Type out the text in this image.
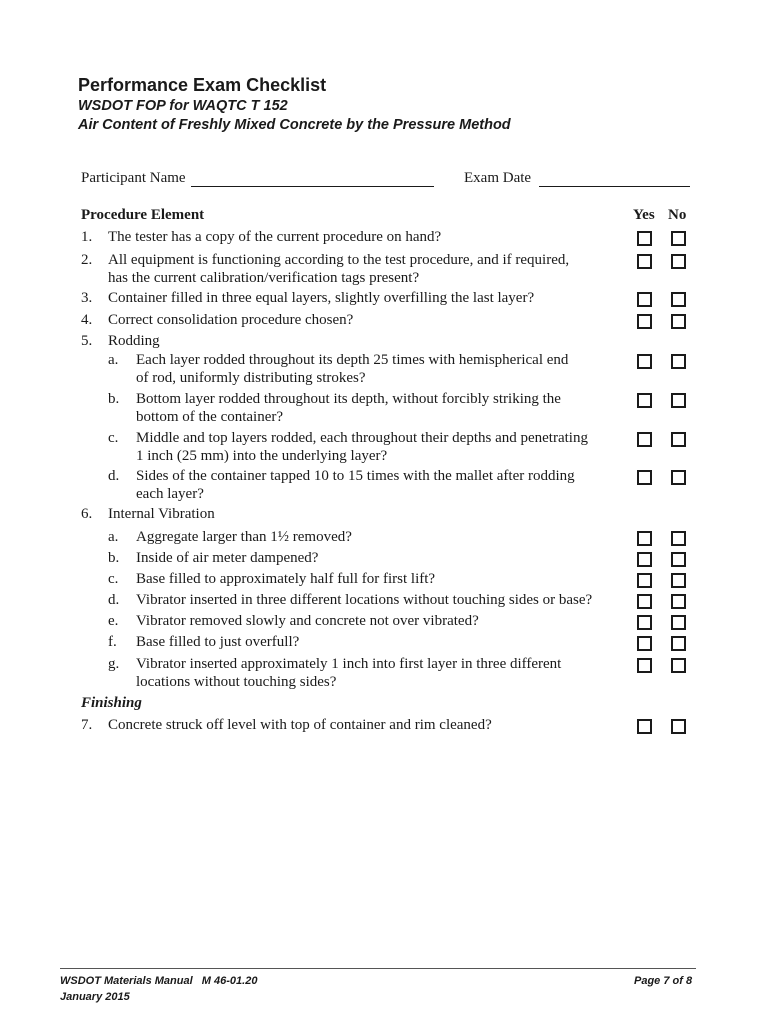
Performance Exam Checklist
WSDOT FOP for WAQTC T 152
Air Content of Freshly Mixed Concrete by the Pressure Method
Participant Name	Exam Date
Procedure Element	Yes No
1. The tester has a copy of the current procedure on hand?
2. All equipment is functioning according to the test procedure, and if required,
has the current calibration/verification tags present?
3. Container filled in three equal layers, slightly overfilling the last layer?
4. Correct consolidation procedure chosen?
5. Rodding
a. Each layer rodded throughout its depth 25 times with hemispherical end
of rod, uniformly distributing strokes?
b. Bottom layer rodded throughout its depth, without forcibly striking the
bottom of the container?
c. Middle and top layers rodded, each throughout their depths and penetrating
1 inch (25 mm) into the underlying layer?
d. Sides of the container tapped 10 to 15 times with the mallet after rodding
each layer?
6. Internal Vibration
a. Aggregate larger than 1½ removed?
b. Inside of air meter dampened?
c. Base filled to approximately half full for first lift?
d. Vibrator inserted in three different locations without touching sides or base?
e. Vibrator removed slowly and concrete not over vibrated?
f. Base filled to just overfull?
g. Vibrator inserted approximately 1 inch into first layer in three different
locations without touching sides?
Finishing
7. Concrete struck off level with top of container and rim cleaned?
WSDOT Materials Manual   M 46-01.20
January 2015
Page 7 of 8
